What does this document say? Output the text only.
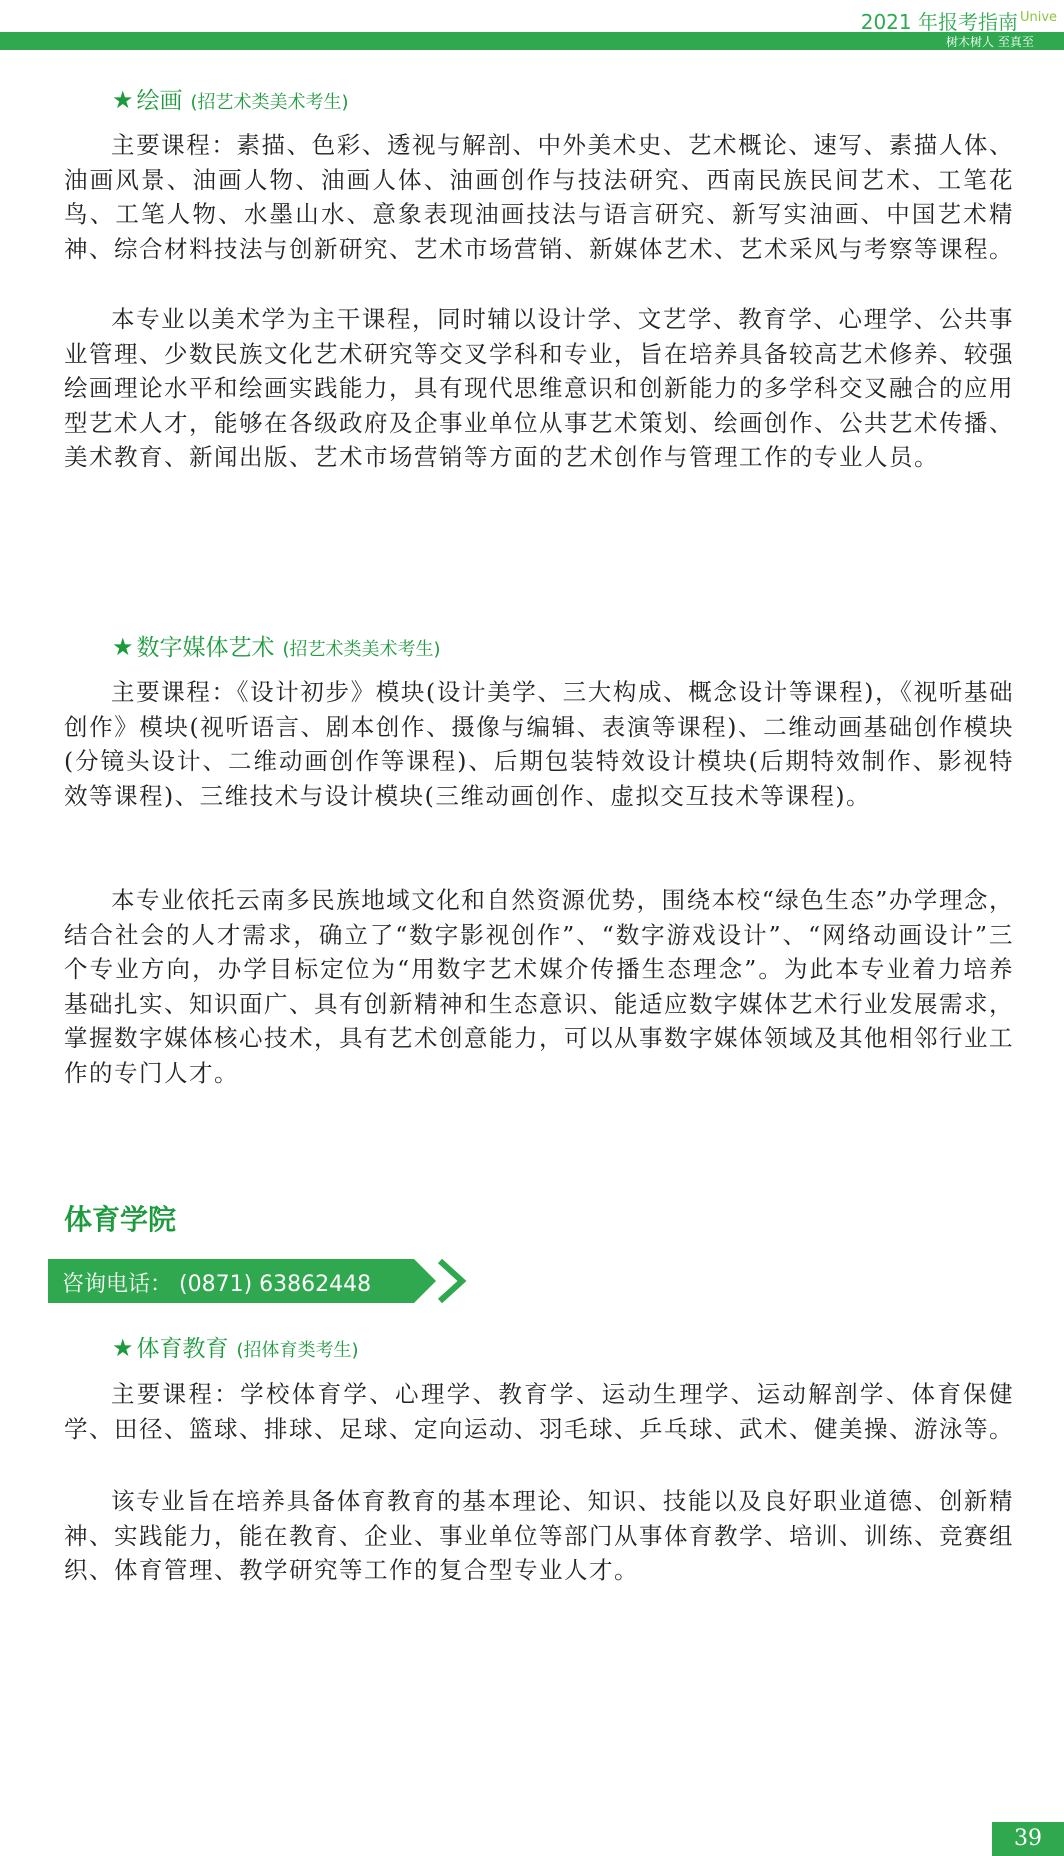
2021 年报考指南 Unive
树木树人 至真至
★ 绘画 (招艺术类美术考生)

主要课程：素描、色彩、透视与解剖、中外美术史、艺术概论、速写、素描人体、油画风景、油画人物、油画人体、油画创作与技法研究、西南民族民间艺术、工笔花鸟、工笔人物、水墨山水、意象表现油画技法与语言研究、新写实油画、中国艺术精神、综合材料技法与创新研究、艺术市场营销、新媒体艺术、艺术采风与考察等课程。

本专业以美术学为主干课程，同时辅以设计学、文艺学、教育学、心理学、公共事业管理、少数民族文化艺术研究等交叉学科和专业，旨在培养具备较高艺术修养、较强绘画理论水平和绘画实践能力，具有现代思维意识和创新能力的多学科交叉融合的应用型艺术人才，能够在各级政府及企事业单位从事艺术策划、绘画创作、公共艺术传播、美术教育、新闻出版、艺术市场营销等方面的艺术创作与管理工作的专业人员。

★ 数字媒体艺术 (招艺术类美术考生)

主要课程：《设计初步》模块(设计美学、三大构成、概念设计等课程)，《视听基础创作》模块(视听语言、剧本创作、摄像与编辑、表演等课程)、二维动画基础创作模块(分镜头设计、二维动画创作等课程)、后期包装特效设计模块(后期特效制作、影视特效等课程)、三维技术与设计模块(三维动画创作、虚拟交互技术等课程)。

本专业依托云南多民族地域文化和自然资源优势，围绕本校“绿色生态”办学理念，结合社会的人才需求，确立了“数字影视创作”、“数字游戏设计”、“网络动画设计”三个专业方向，办学目标定位为“用数字艺术媒介传播生态理念”。为此本专业着力培养基础扎实、知识面广、具有创新精神和生态意识、能适应数字媒体艺术行业发展需求，掌握数字媒体核心技术，具有艺术创意能力，可以从事数字媒体领域及其他相邻行业工作的专门人才。

体育学院
咨询电话： (0871) 63862448
★ 体育教育 (招体育类考生)

主要课程：学校体育学、心理学、教育学、运动生理学、运动解剖学、体育保健学、田径、篮球、排球、足球、定向运动、羽毛球、乒乓球、武术、健美操、游泳等。

该专业旨在培养具备体育教育的基本理论、知识、技能以及良好职业道德、创新精神、实践能力，能在教育、企业、事业单位等部门从事体育教学、培训、训练、竞赛组织、体育管理、教学研究等工作的复合型专业人才。

39
